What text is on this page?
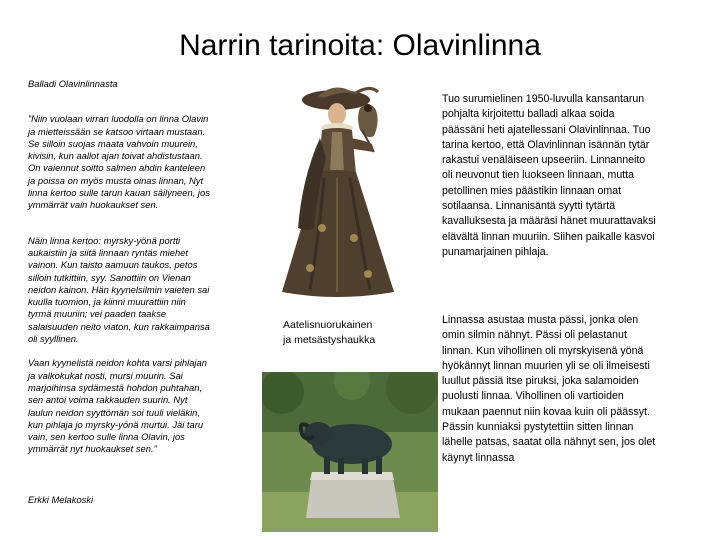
Narrin tarinoita: Olavinlinna

Balladi Olavinlinnasta

”Niin vuolaan virran luodolla on linna Olavin
ja mietteissään se katsoo virtaan mustaan.
Se silloin suojas maata vahvoin muurein,
kivisin, kun aallot ajan toivat ahdistustaan.
On vaiennut soitto salmen ahdin kanteleen
ja poissa on myös musta oinas linnan, Nyt
linna kertoo sulle tarun kauan säilyneen, jos
ymmärrät vain huokaukset sen.

Näin linna kertoo: myrsky-yönä portti
aukaistiin ja siitä linnaan ryntäs miehet
vainon. Kun taisto aamuun taukos, petos
silloin tutkittiin, syy. Sanottiin on Vienan
neidon kainon. Hän kyynelsilmin vaieten sai
kuulla tuomion, ja kiinni muurattiin niin
tyrmä muuriin; vei paaden taakse
salaisuuden neito viaton, kun rakkaimpansa
oli syyllinen.

Vaan kyynelistä neidon kohta varsi pihlajan
ja valkokukat nosti, mursi muurin. Sai
marjoihinsa sydämestä hohdon puhtahan,
sen antoi voima rakkauden suurin. Nyt
laulun neidon syyttömän soi tuuli vieläkin,
kun pihlaja jo myrsky-yönä murtui. Jäi taru
vain, sen kertoo sulle linna Olavin, jos
ymmärrät nyt huokaukset sen.”

Erkki Melakoski

Aatelisnuorukainen
ja metsästyshaukka
Tuo surumielinen 1950-luvulla kansantarun
pohjalta kirjoitettu balladi alkaa soida
päässäni heti ajatellessani Olavinlinnaa. Tuo
tarina kertoo, että Olavinlinnan isännän tytär
rakastui venäläiseen upseeriin. Linnanneito
oli neuvonut tien luokseen linnaan, mutta
petollinen mies päästikin linnaan omat
sotilaansa. Linnanisäntä syytti tytärtä
kavalluksesta ja määräsi hänet muurattavaksi
elävältä linnan muuriin. Siihen paikalle kasvoi
punamarjainen pihlaja.
Linnassa asustaa musta pässi, jonka olen
omin silmin nähnyt. Pässi oli pelastanut
linnan. Kun vihollinen oli myrskyisenä yönä
hyökännyt linnan muurien yli se oli ilmeisesti
luullut pässiä itse piruksi, joka salamoiden
puolusti linnaa. Vihollinen oli vartioiden
mukaan paennut niin kovaa kuin oli päässyt.
Pässin kunniaksi pystytettiin sitten linnan
lähelle patsas, saatat olla nähnyt sen, jos olet
käynyt linnassa
